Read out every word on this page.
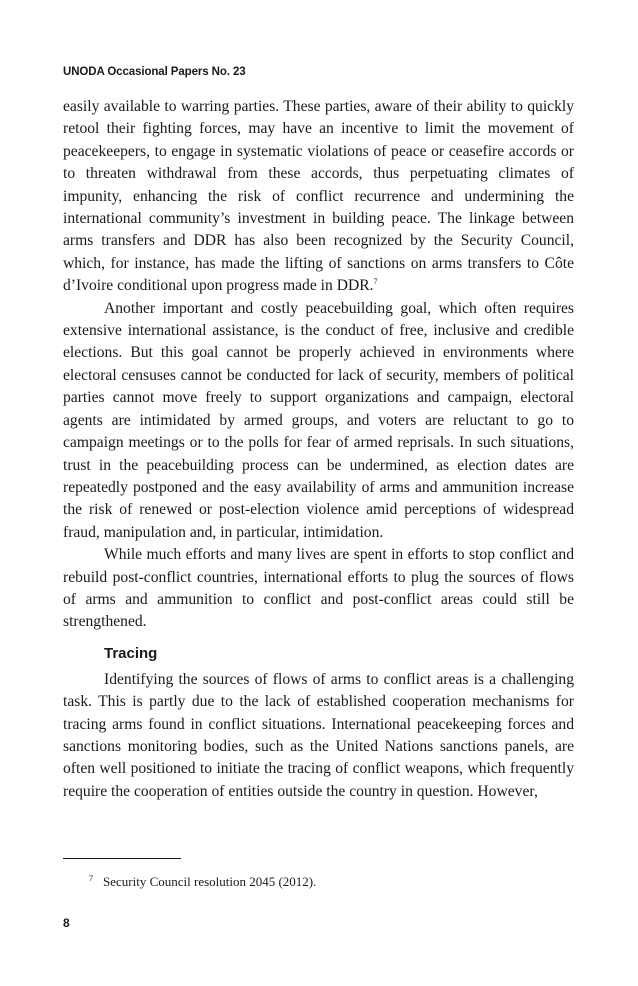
UNODA Occasional Papers No. 23

easily available to warring parties. These parties, aware of their ability to quickly retool their fighting forces, may have an incentive to limit the movement of peacekeepers, to engage in systematic violations of peace or ceasefire accords or to threaten withdrawal from these accords, thus perpetuating climates of impunity, enhancing the risk of conflict recurrence and undermining the international community’s investment in building peace. The linkage between arms transfers and DDR has also been recognized by the Security Council, which, for instance, has made the lifting of sanctions on arms transfers to Côte d’Ivoire conditional upon progress made in DDR.$^7$

Another important and costly peacebuilding goal, which often requires extensive international assistance, is the conduct of free, inclusive and credible elections. But this goal cannot be properly achieved in environments where electoral censuses cannot be conducted for lack of security, members of political parties cannot move freely to support organizations and campaign, electoral agents are intimidated by armed groups, and voters are reluctant to go to campaign meetings or to the polls for fear of armed reprisals. In such situations, trust in the peacebuilding process can be undermined, as election dates are repeatedly postponed and the easy availability of arms and ammunition increase the risk of renewed or post-election violence amid perceptions of widespread fraud, manipulation and, in particular, intimidation.

While much efforts and many lives are spent in efforts to stop conflict and rebuild post-conflict countries, international efforts to plug the sources of flows of arms and ammunition to conflict and post-conflict areas could still be strengthened.

Tracing

Identifying the sources of flows of arms to conflict areas is a challenging task. This is partly due to the lack of established cooperation mechanisms for tracing arms found in conflict situations. International peacekeeping forces and sanctions monitoring bodies, such as the United Nations sanctions panels, are often well positioned to initiate the tracing of conflict weapons, which frequently require the cooperation of entities outside the country in question. However,

$^7$ Security Council resolution 2045 (2012).
8
